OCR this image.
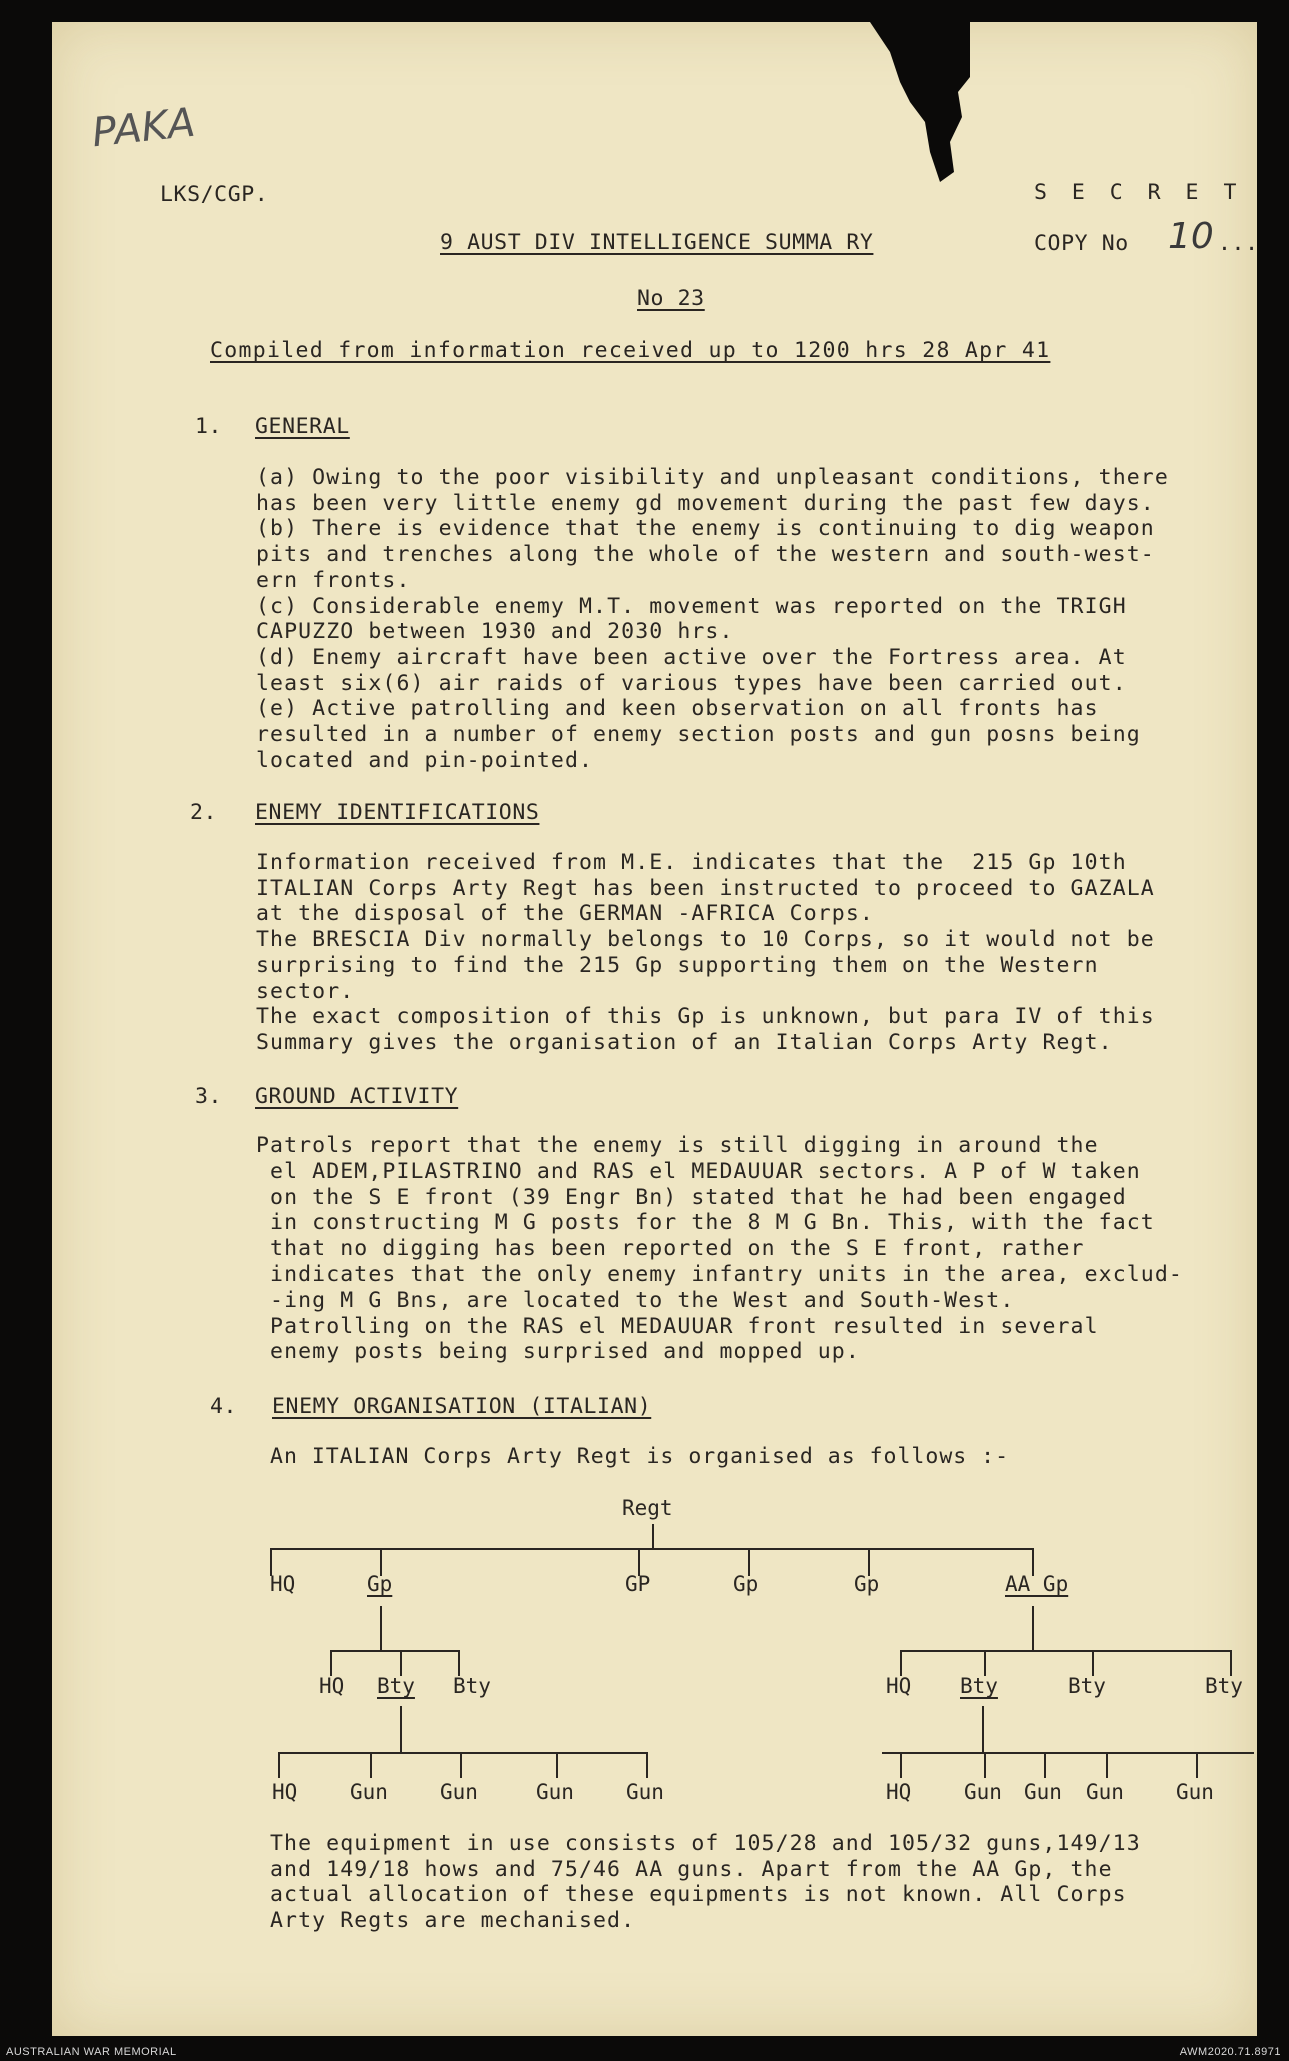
PAKA
LKS/CGP.	S E C R E T
9 AUST DIV INTELLIGENCE SUMMA RY	COPY No 10 ...
No 23
Compiled from information received up to 1200 hrs 28 Apr 41
1. GENERAL
(a) Owing to the poor visibility and unpleasant conditions, there
has been very little enemy gd movement during the past few days.
(b) There is evidence that the enemy is continuing to dig weapon
pits and trenches along the whole of the western and south-west-
ern fronts.
(c) Considerable enemy M.T. movement was reported on the TRIGH
CAPUZZO between 1930 and 2030 hrs.
(d) Enemy aircraft have been active over the Fortress area. At
least six(6) air raids of various types have been carried out.
(e) Active patrolling and keen observation on all fronts has
resulted in a number of enemy section posts and gun posns being
located and pin-pointed.
2. ENEMY IDENTIFICATIONS
Information received from M.E. indicates that the  215 Gp 10th
ITALIAN Corps Arty Regt has been instructed to proceed to GAZALA
at the disposal of the GERMAN -AFRICA Corps.
The BRESCIA Div normally belongs to 10 Corps, so it would not be
surprising to find the 215 Gp supporting them on the Western
sector.
The exact composition of this Gp is unknown, but para IV of this
Summary gives the organisation of an Italian Corps Arty Regt.
3. GROUND ACTIVITY
Patrols report that the enemy is still digging in around the
el ADEM,PILASTRINO and RAS el MEDAUUAR sectors. A P of W taken
on the S E front (39 Engr Bn) stated that he had been engaged
in constructing M G posts for the 8 M G Bn. This, with the fact
that no digging has been reported on the S E front, rather
indicates that the only enemy infantry units in the area, exclud-
-ing M G Bns, are located to the West and South-West.
Patrolling on the RAS el MEDAUUAR front resulted in several
enemy posts being surprised and mopped up.
4. ENEMY ORGANISATION (ITALIAN)
An ITALIAN Corps Arty Regt is organised as follows :-
Regt
HQ	Gp	GP	Gp	Gp	AA Gp
HQ Bty Bty
HQ	Gun Gun	Gun Gun
HQ Bty	Bty	Bty
HQ	Gun Gun Gun Gun
The equipment in use consists of 105/28 and 105/32 guns,149/13
and 149/18 hows and 75/46 AA guns. Apart from the AA Gp, the
actual allocation of these equipments is not known. All Corps
Arty Regts are mechanised.
AUSTRALIAN WAR MEMORIAL	AWM2020.71.8971
